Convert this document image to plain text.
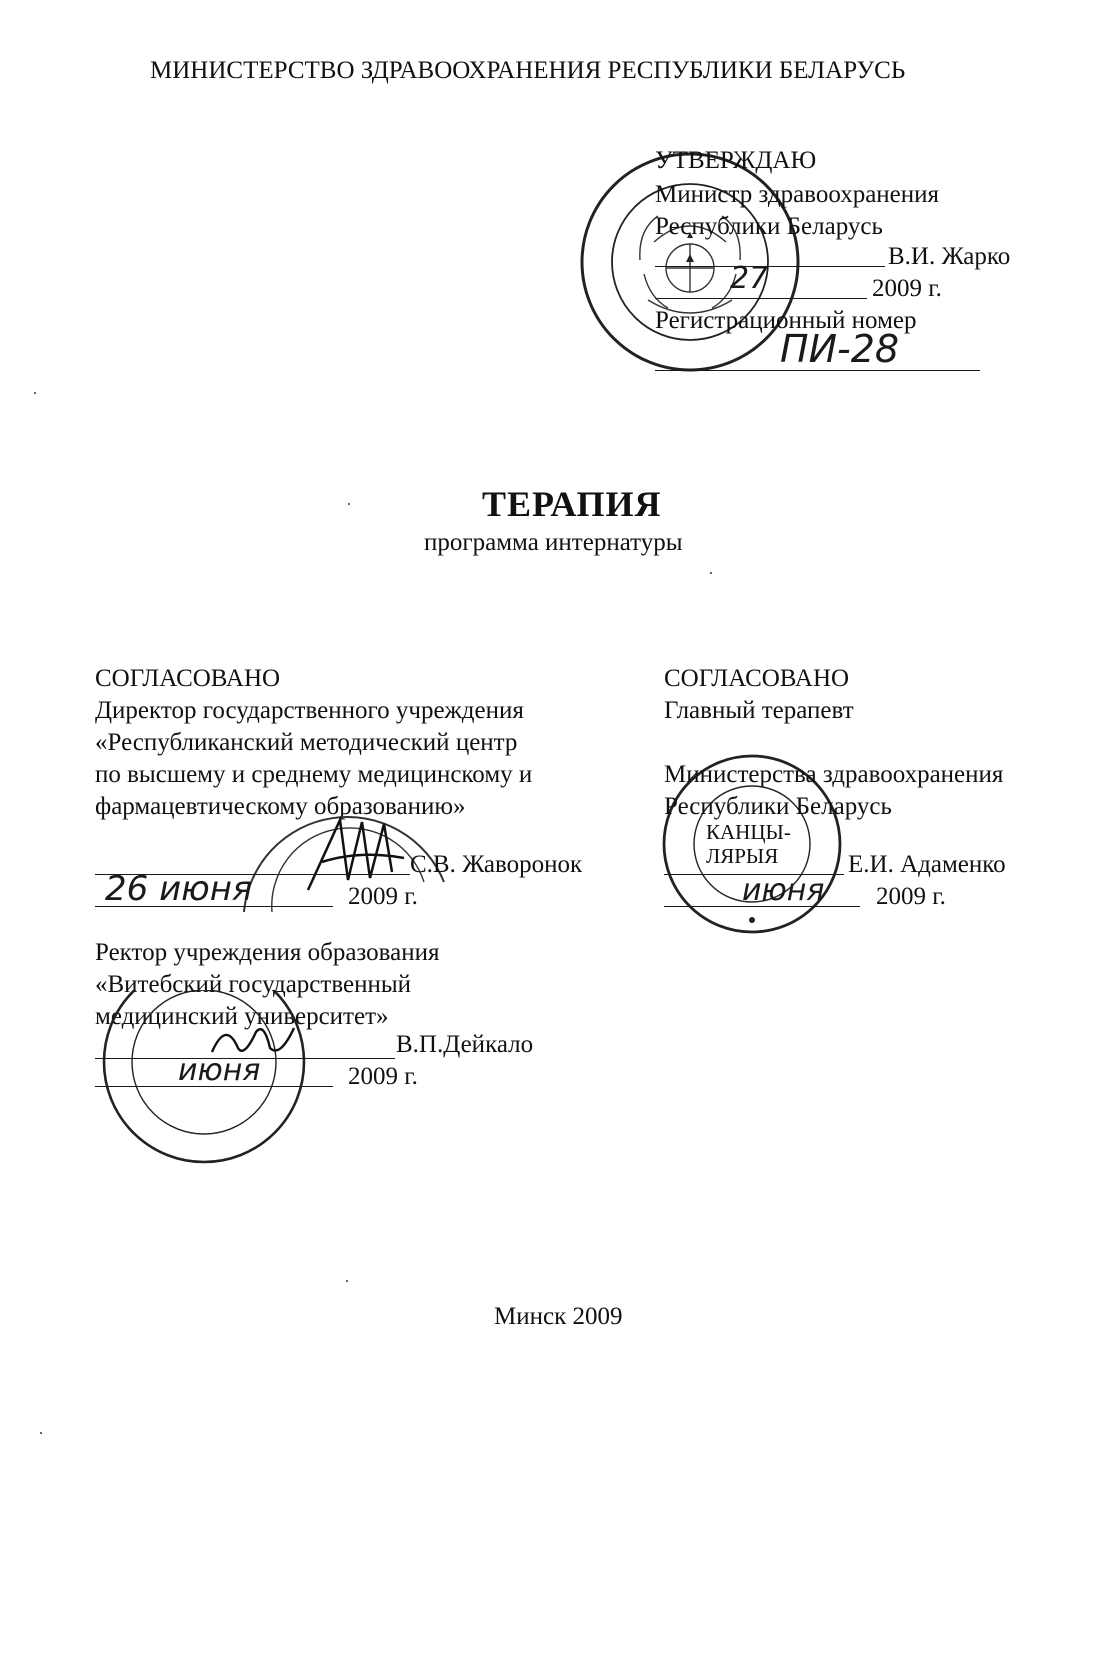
МИНИСТЕРСТВО ЗДРАВООХРАНЕНИЯ РЕСПУБЛИКИ БЕЛАРУСЬ
УТВЕРЖДАЮ
Министр здравоохранения
Республики Беларусь
В.И. Жарко
27	2009 г.
Регистрационный номер
ПИ-28
ТЕРАПИЯ
программа интернатуры
СОГЛАСОВАНО
Директор государственного учреждения
«Республиканский методический центр
по высшему и среднему медицинскому и
фармацевтическому образованию»
С.В. Жаворонок
26 июня	2009 г.
Ректор учреждения образования
«Витебский государственный
медицинский университет»
В.П.Дейкало
июня	2009 г.
СОГЛАСОВАНО
Главный терапевт
Министерства здравоохранения
Республики Беларусь
КАНЦЫ-ЛЯРЫЯ	Е.И. Адаменко
июня 2009 г.
Минск 2009
